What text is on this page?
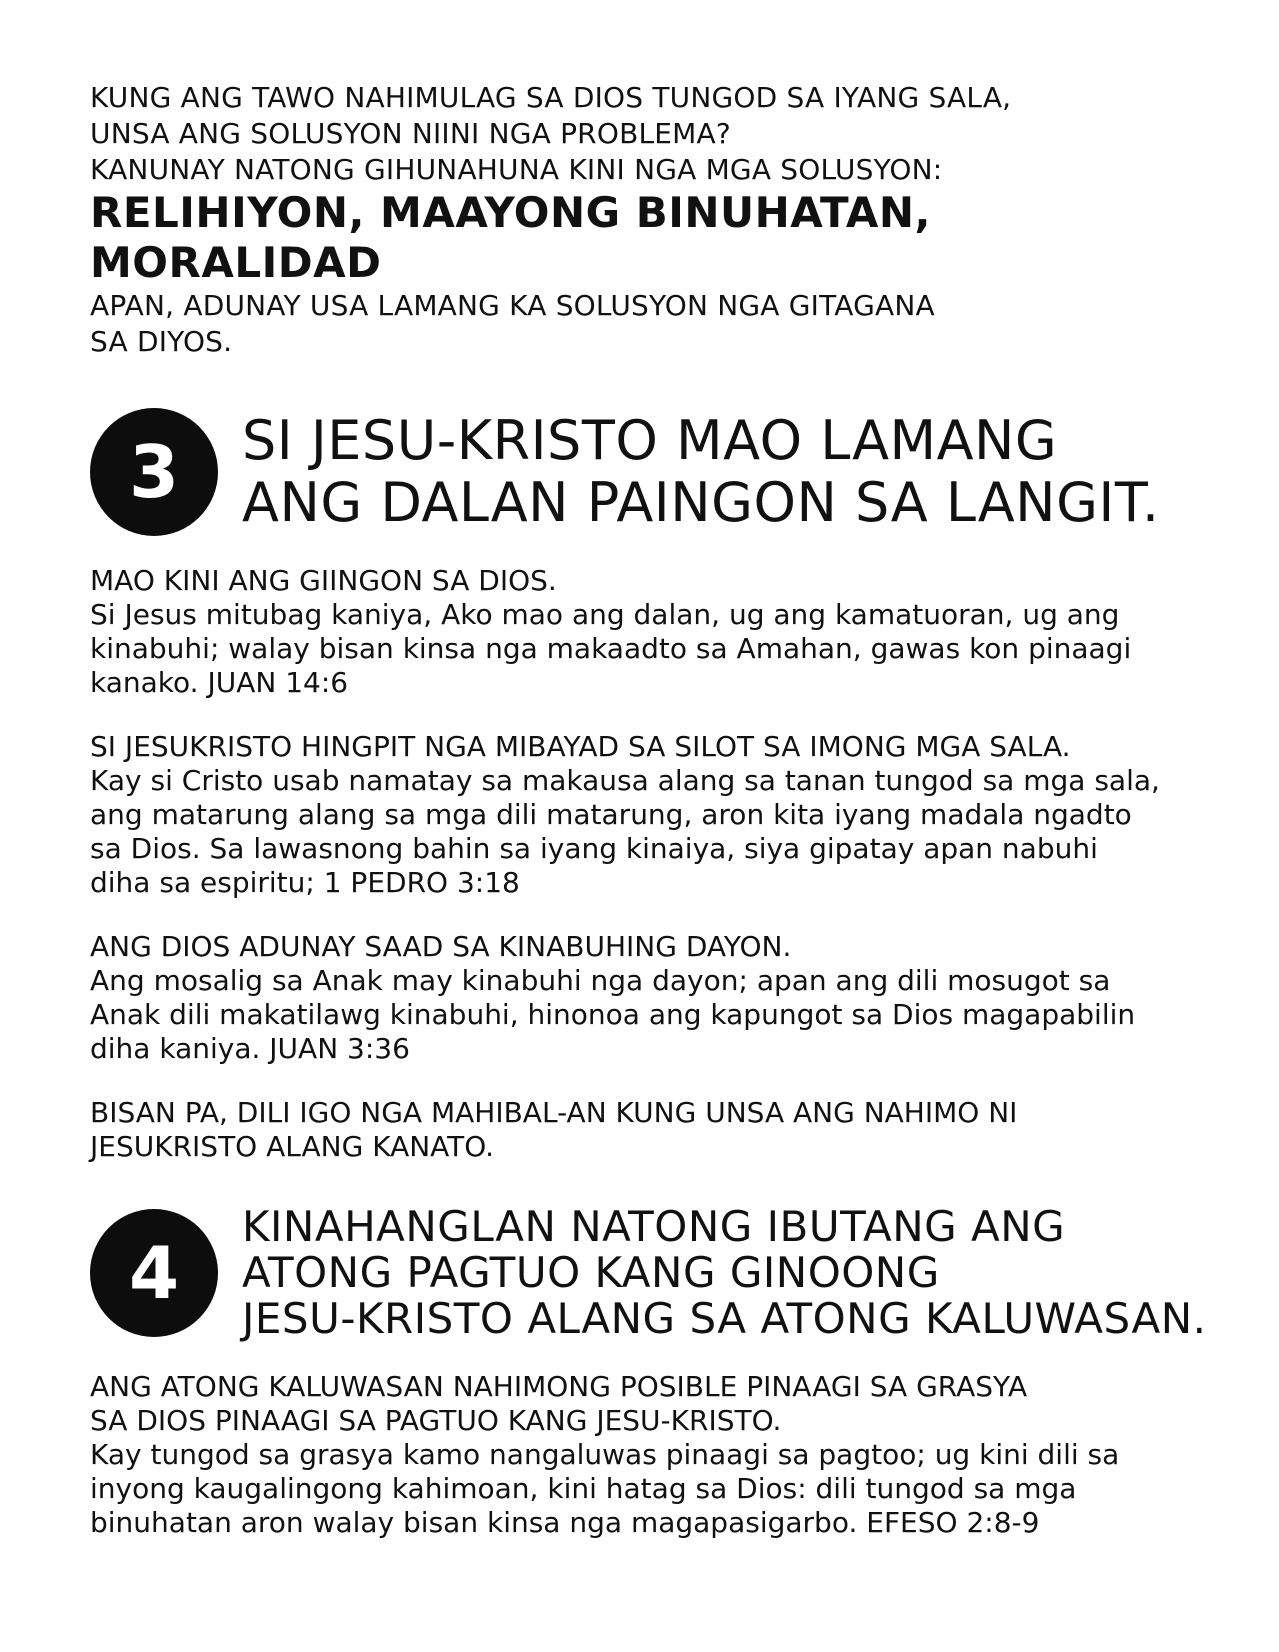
KUNG ANG TAWO NAHIMULAG SA DIOS TUNGOD SA IYANG SALA,
UNSA ANG SOLUSYON NIINI NGA PROBLEMA?

KANUNAY NATONG GIHUNAHUNA KINI NGA MGA SOLUSYON:

RELIHIYON, MAAYONG BINUHATAN, MORALIDAD

APAN, ADUNAY USA LAMANG KA SOLUSYON NGA GITAGANA
SA DIYOS.

3	SI JESU-KRISTO MAO LAMANG
ANG DALAN PAINGON SA LANGIT.
MAO KINI ANG GIINGON SA DIOS.
Si Jesus mitubag kaniya, Ako mao ang dalan, ug ang kamatuoran, ug ang
kinabuhi; walay bisan kinsa nga makaadto sa Amahan, gawas kon pinaagi
kanako. JUAN 14:6
SI JESUKRISTO HINGPIT NGA MIBAYAD SA SILOT SA IMONG MGA SALA.
Kay si Cristo usab namatay sa makausa alang sa tanan tungod sa mga sala,
ang matarung alang sa mga dili matarung, aron kita iyang madala ngadto
sa Dios. Sa lawasnong bahin sa iyang kinaiya, siya gipatay apan nabuhi
diha sa espiritu; 1 PEDRO 3:18
ANG DIOS ADUNAY SAAD SA KINABUHING DAYON.
Ang mosalig sa Anak may kinabuhi nga dayon; apan ang dili mosugot sa
Anak dili makatilawg kinabuhi, hinonoa ang kapungot sa Dios magapabilin
diha kaniya. JUAN 3:36
BISAN PA, DILI IGO NGA MAHIBAL-AN KUNG UNSA ANG NAHIMO NI
JESUKRISTO ALANG KANATO.
4
KINAHANGLAN NATONG IBUTANG ANG
ATONG PAGTUO KANG GINOONG
JESU-KRISTO ALANG SA ATONG KALUWASAN.
ANG ATONG KALUWASAN NAHIMONG POSIBLE PINAAGI SA GRASYA
SA DIOS PINAAGI SA PAGTUO KANG JESU-KRISTO.
Kay tungod sa grasya kamo nangaluwas pinaagi sa pagtoo; ug kini dili sa
inyong kaugalingong kahimoan, kini hatag sa Dios: dili tungod sa mga
binuhatan aron walay bisan kinsa nga magapasigarbo. EFESO 2:8-9
